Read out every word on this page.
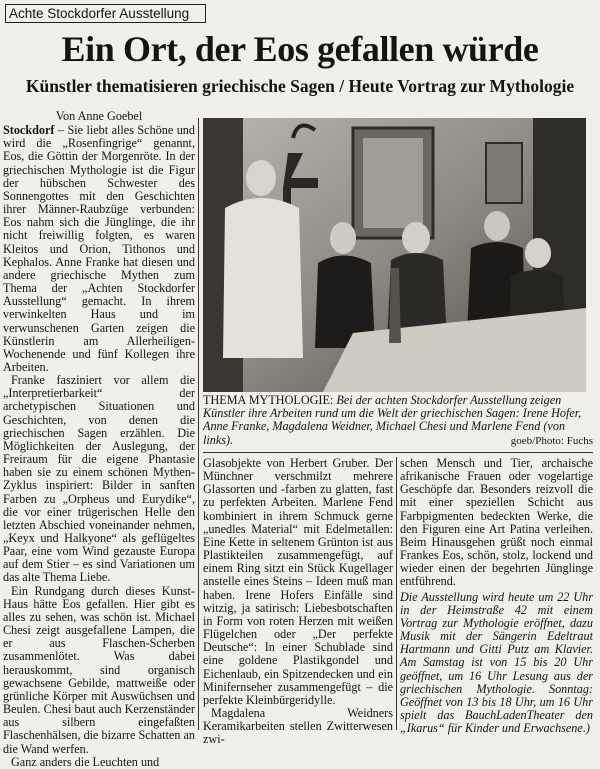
Achte Stockdorfer Ausstellung
Ein Ort, der Eos gefallen würde
Künstler thematisieren griechische Sagen / Heute Vortrag zur Mythologie
Von Anne Goebel

Stockdorf – Sie liebt alles Schöne und wird die „Rosenfingrige“ genannt, Eos, die Göttin der Morgenröte. In der griechischen Mythologie ist die Figur der hübschen Schwester des Sonnengottes mit den Geschichten ihrer Männer-Raubzüge verbunden: Eos nahm sich die Jünglinge, die ihr nicht freiwillig folgten, es waren Kleitos und Orion, Tithonos und Kephalos. Anne Franke hat diesen und andere griechische Mythen zum Thema der „Achten Stockdorfer Ausstellung“ gemacht. In ihrem verwinkelten Haus und im verwunschenen Garten zeigen die Künstlerin am Allerheiligen-Wochenende und fünf Kollegen ihre Arbeiten.

Franke fasziniert vor allem die „Interpretierbarkeit“ der archetypischen Situationen und Geschichten, von denen die griechischen Sagen erzählen. Die Möglichkeiten der Auslegung, der Freiraum für die eigene Phantasie haben sie zu einem schönen Mythen-Zyklus inspiriert: Bilder in sanften Farben zu „Orpheus und Eurydike“, die vor einer trügerischen Helle den letzten Abschied voneinander nehmen, „Keyx und Halkyone“ als geflügeltes Paar, eine vom Wind gezauste Europa auf dem Stier – es sind Variationen um das alte Thema Liebe.

Ein Rundgang durch dieses Kunst-Haus hätte Eos gefallen. Hier gibt es alles zu sehen, was schön ist. Michael Chesi zeigt ausgefallene Lampen, die er aus Flaschen-Scherben zusammenlötet. Was dabei herauskommt, sind organisch gewachsene Gebilde, mattweiße oder grünliche Körper mit Auswüchsen und Beulen. Chesi baut auch Kerzenständer aus silbern eingefaßten Flaschenhälsen, die bizarre Schatten an die Wand werfen.

Ganz anders die Leuchten und

THEMA MYTHOLOGIE: Bei der achten Stockdorfer Ausstellung zeigen Künstler ihre Arbeiten rund um die Welt der griechischen Sagen: Irene Hofer, Anne Franke, Magdalena Weidner, Michael Chesi und Marlene Fend (von links).	goeb/Photo: Fuchs

Glasobjekte von Herbert Gruber. Der Münchner verschmilzt mehrere Glassorten und -farben zu glatten, fast zu perfekten Arbeiten. Marlene Fend kombiniert in ihrem Schmuck gerne „unedles Material“ mit Edelmetallen: Eine Kette in seltenem Grünton ist aus Plastikteilen zusammengefügt, auf einem Ring sitzt ein Stück Kugellager anstelle eines Steins – Ideen muß man haben. Irene Hofers Einfälle sind witzig, ja satirisch: Liebesbotschaften in Form von roten Herzen mit weißen Flügelchen oder „Der perfekte Deutsche“: In einer Schublade sind eine goldene Plastikgondel und Eichenlaub, ein Spitzendecken und ein Minifernseher zusammengefügt – die perfekte Kleinbürgeridylle.

Magdalena Weidners Keramikarbeiten stellen Zwitterwesen zwi-

schen Mensch und Tier, archaische afrikanische Frauen oder vogelartige Geschöpfe dar. Besonders reizvoll die mit einer speziellen Schicht aus Farbpigmenten bedeckten Werke, die den Figuren eine Art Patina verleihen. Beim Hinausgehen grüßt noch einmal Frankes Eos, schön, stolz, lockend und wieder einen der begehrten Jünglinge entführend.

Die Ausstellung wird heute um 22 Uhr in der Heimstraße 42 mit einem Vortrag zur Mythologie eröffnet, dazu Musik mit der Sängerin Edeltraut Hartmann und Gitti Putz am Klavier. Am Samstag ist von 15 bis 20 Uhr geöffnet, um 16 Uhr Lesung aus der griechischen Mythologie. Sonntag: Geöffnet von 13 bis 18 Uhr, um 16 Uhr spielt das BauchLadenTheater den „Ikarus“ für Kinder und Erwachsene.)
